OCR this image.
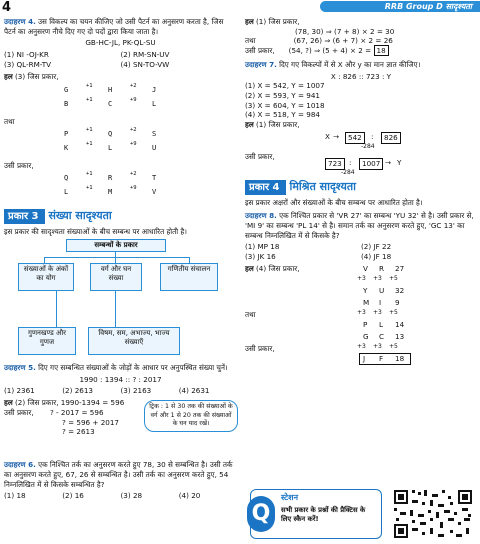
4	RRB Group D सादृश्यता
उदाहरण 4. उस विकल्प का चयन कीजिए जो उसी पैटर्न का अनुसरण करता है, जिस पैटर्न का अनुसरण नीचे दिए गए दो पदों द्वारा किया जाता है।
GB-HC-JL, PK-QL-SU
(1) NI -OJ-KR	(2) RM-SN-UV
(3) QL-RM-TV	(4) SN-TO-VW
हल (3) जिस प्रकार,
G	+1 H	+2 J
B	+1 C	+9 L
तथा
P	+1 Q	+2 S
K	+1 L	+9 U
उसी प्रकार,
Q	+1 R	+2 T
L	+1 M	+9 V
प्रकार 3 संख्या सादृश्यता
इस प्रकार की सादृश्यता संख्याओं के बीच सम्बन्ध पर आधारित होती है।
सम्बन्धों के प्रकार
संख्याओं के अंकों का योग
वर्ग और घन संख्या
गणितीय संचालन
गुणनखण्ड और गुणज
विषम, सम, अभाज्य, भाज्य संख्याएँ
उदाहरण 5. दिए गए सम्बन्धित संख्याओं के जोड़ों के आधार पर अनुपस्थित संख्या चुनें।
1990 : 1394 :: ? : 2017
(1) 2361	(2) 2613	(3) 2163	(4) 2631
हल (2) जिस प्रकार, 1990-1394 = 596
उसी प्रकार, ? - 2017 = 596
? = 596 + 2017
? = 2613
ट्रिक : 1 से 30 तक की संख्याओं के वर्ग और 1 से 20 तक की संख्याओं के घन याद रखें।
उदाहरण 6. एक निश्चित तर्क का अनुसरण करते हुए 78, 30 से सम्बन्धित है। उसी तर्क का अनुसरण करते हुए, 67, 26 से सम्बन्धित है। उसी तर्क का अनुसरण करते हुए, 54 निम्नलिखित में से किसके सम्बन्धित है?
(1) 18	(2) 16	(3) 28	(4) 20
हल (1) जिस प्रकार,
(78, 30) ⇒ (7 + 8) × 2 = 30
तथा	(67, 26) ⇒ (6 + 7) × 2 = 26
उसी प्रकार, (54, ?) ⇒ (5 + 4) × 2 = 18
उदाहरण 7. दिए गए विकल्पों में से X और y का मान ज्ञात कीजिए।
X : 826 :: 723 : Y
(1) X = 542, Y = 1007
(2) X = 593, Y = 941
(3) X = 604, Y = 1018
(4) X = 518, Y = 984
हल (1) जिस प्रकार,
X →	542	:	826
-284
उसी प्रकार,
723	:	1007 → Y
-284
प्रकार 4 मिश्रित सादृश्यता
इस प्रकार अक्षरों और संख्याओं के बीच सम्बन्ध पर आधारित होता है।
उदाहरण 8. एक निश्चित प्रकार से 'VR 27' का सम्बन्ध 'YU 32' से है। उसी प्रकार से, 'MI 9' का सम्बन्ध 'PL 14' से है। समान तर्क का अनुसरण करते हुए, 'GC 13' का सम्बन्ध निम्नलिखित में से किसके है?
(1) MP 18	(2) JF 22
(3) JK 16	(4) JF 18
हल (4) जिस प्रकार,	V R 27
+3 +3 +5
Y U 32
तथा
M I 9
+3 +3 +5
P L 14
उसी प्रकार,
G C 13
+3 +3 +5
J F 18
Q
स्टेशन
सभी प्रकार के प्रश्नों की प्रैक्टिस के लिए स्कैन करें!
